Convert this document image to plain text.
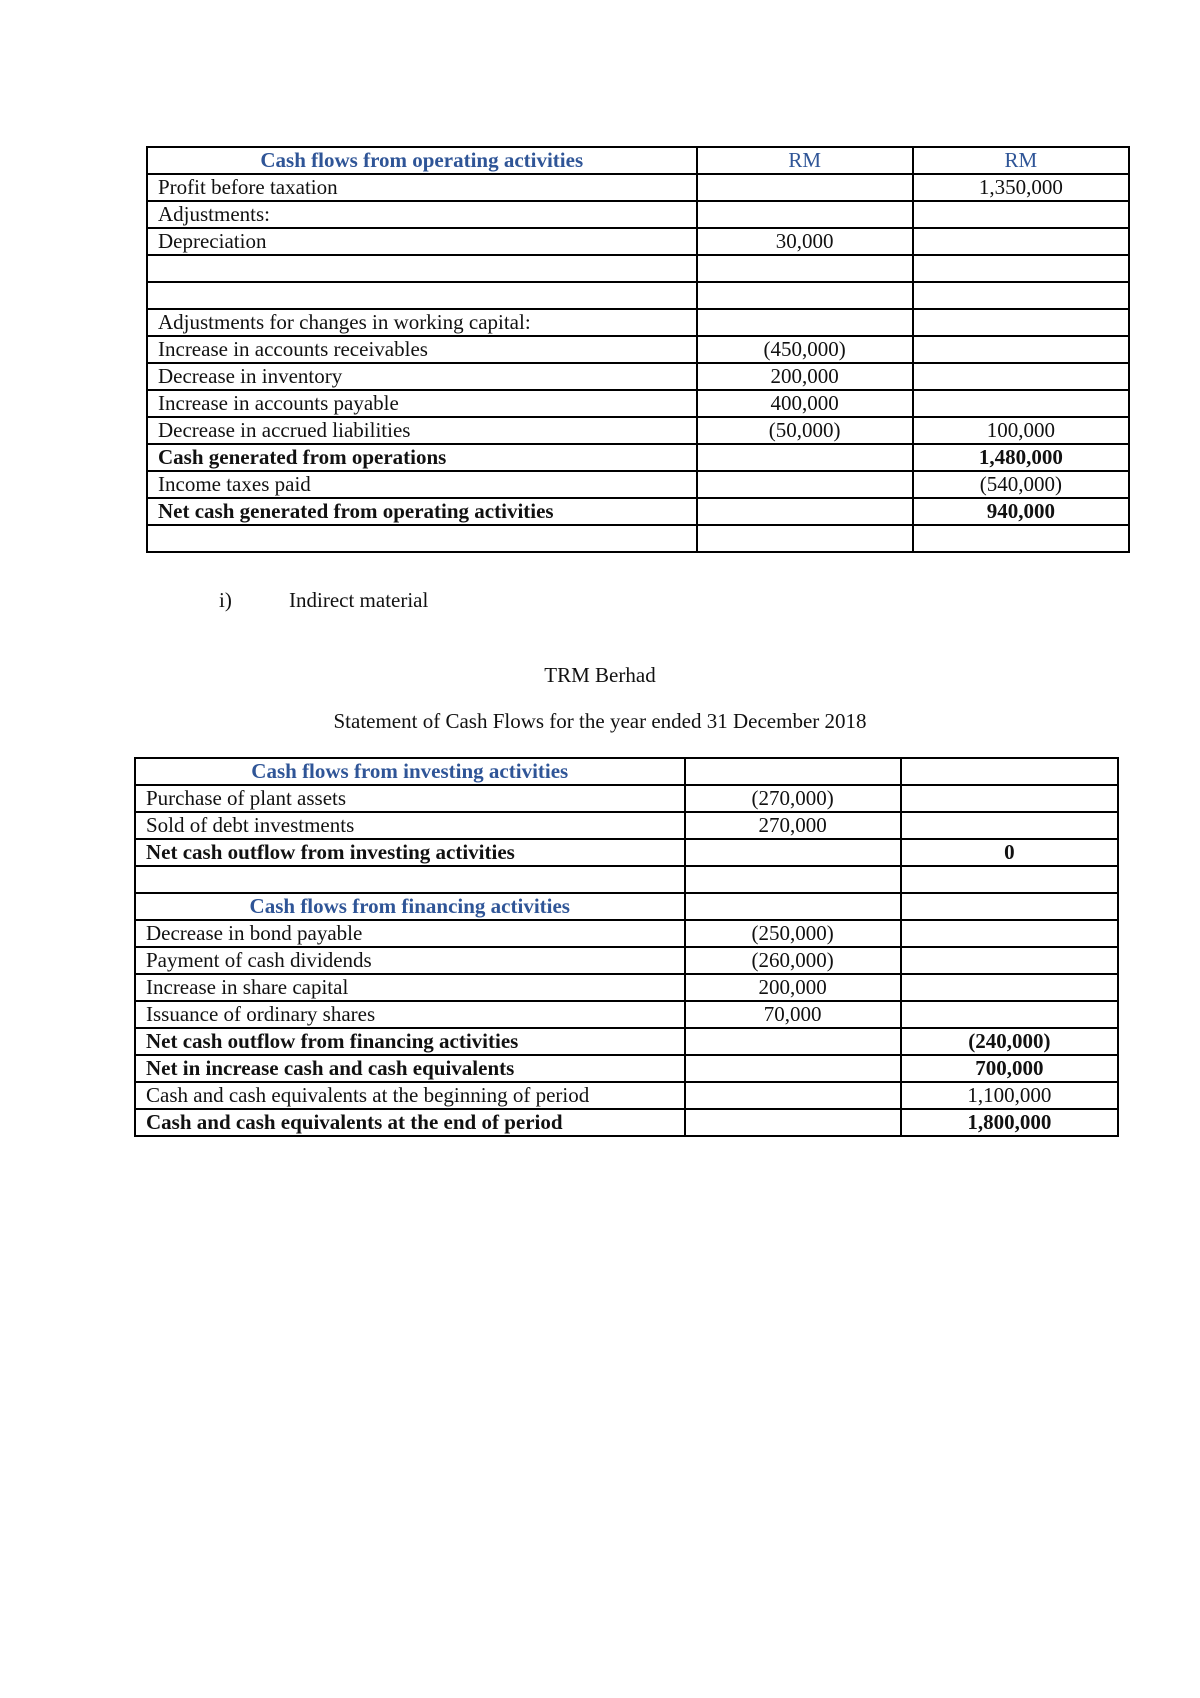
Cash flows from operating activities	RM	RM
Profit before taxation		1,350,000
Adjustments:		
Depreciation	30,000	

Adjustments for changes in working capital:		
Increase in accounts receivables	(450,000)	
Decrease in inventory	200,000	
Increase in accounts payable	400,000	
Decrease in accrued liabilities	(50,000)	100,000
Cash generated from operations		1,480,000
Income taxes paid		(540,000)
Net cash generated from operating activities		940,000

i)	Indirect material
TRM Berhad
Statement of Cash Flows for the year ended 31 December 2018
Cash flows from investing activities		
Purchase of plant assets	(270,000)	
Sold of debt investments	270,000	
Net cash outflow from investing activities		0

Cash flows from financing activities		
Decrease in bond payable	(250,000)	
Payment of cash dividends	(260,000)	
Increase in share capital	200,000	
Issuance of ordinary shares	70,000	
Net cash outflow from financing activities		(240,000)
Net in increase cash and cash equivalents		700,000
Cash and cash equivalents at the beginning of period		1,100,000
Cash and cash equivalents at the end of period		1,800,000
